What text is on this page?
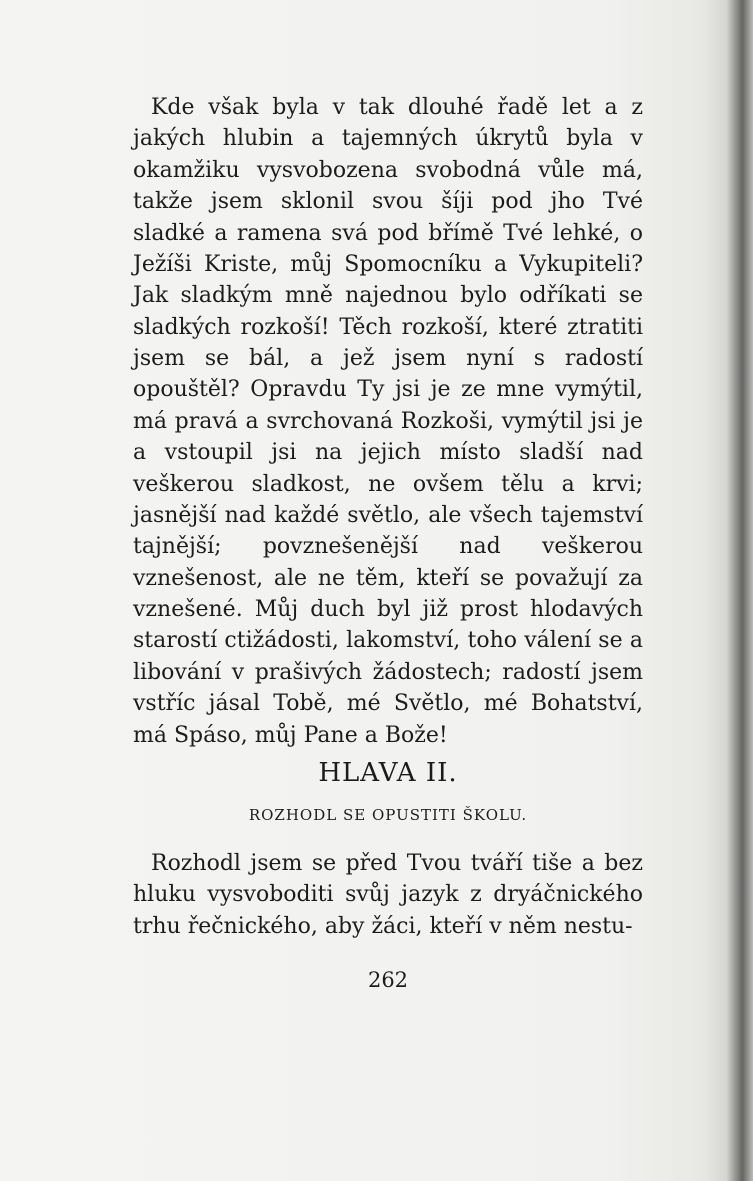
Kde však byla v tak dlouhé řadě let a z jakých hlubin a tajemných úkrytů byla v okamžiku vysvobozena svobodná vůle má, takže jsem sklonil svou šíji pod jho Tvé sladké a ramena svá pod břímě Tvé lehké, o Ježíši Kriste, můj Spomocníku a Vykupiteli? Jak sladkým mně najednou bylo odříkati se sladkých rozkoší! Těch rozkoší, které ztratiti jsem se bál, a jež jsem nyní s radostí opouštěl? Opravdu Ty jsi je ze mne vymýtil, má pravá a svrchovaná Rozkoši, vymýtil jsi je a vstoupil jsi na jejich místo sladší nad veškerou sladkost, ne ovšem tělu a krvi; jasnější nad každé světlo, ale všech tajemství tajnější; povznešenější nad veškerou vznešenost, ale ne těm, kteří se považují za vznešené. Můj duch byl již prost hlodavých starostí ctižádosti, lakomství, toho válení se a libování v prašivých žádostech; radostí jsem vstříc jásal Tobě, mé Světlo, mé Bohatství, má Spáso, můj Pane a Bože!

HLAVA II.
ROZHODL SE OPUSTITI ŠKOLU.

Rozhodl jsem se před Tvou tváří tiše a bez hluku vysvoboditi svůj jazyk z dryáčnického trhu řečnického, aby žáci, kteří v něm nestu-

262
